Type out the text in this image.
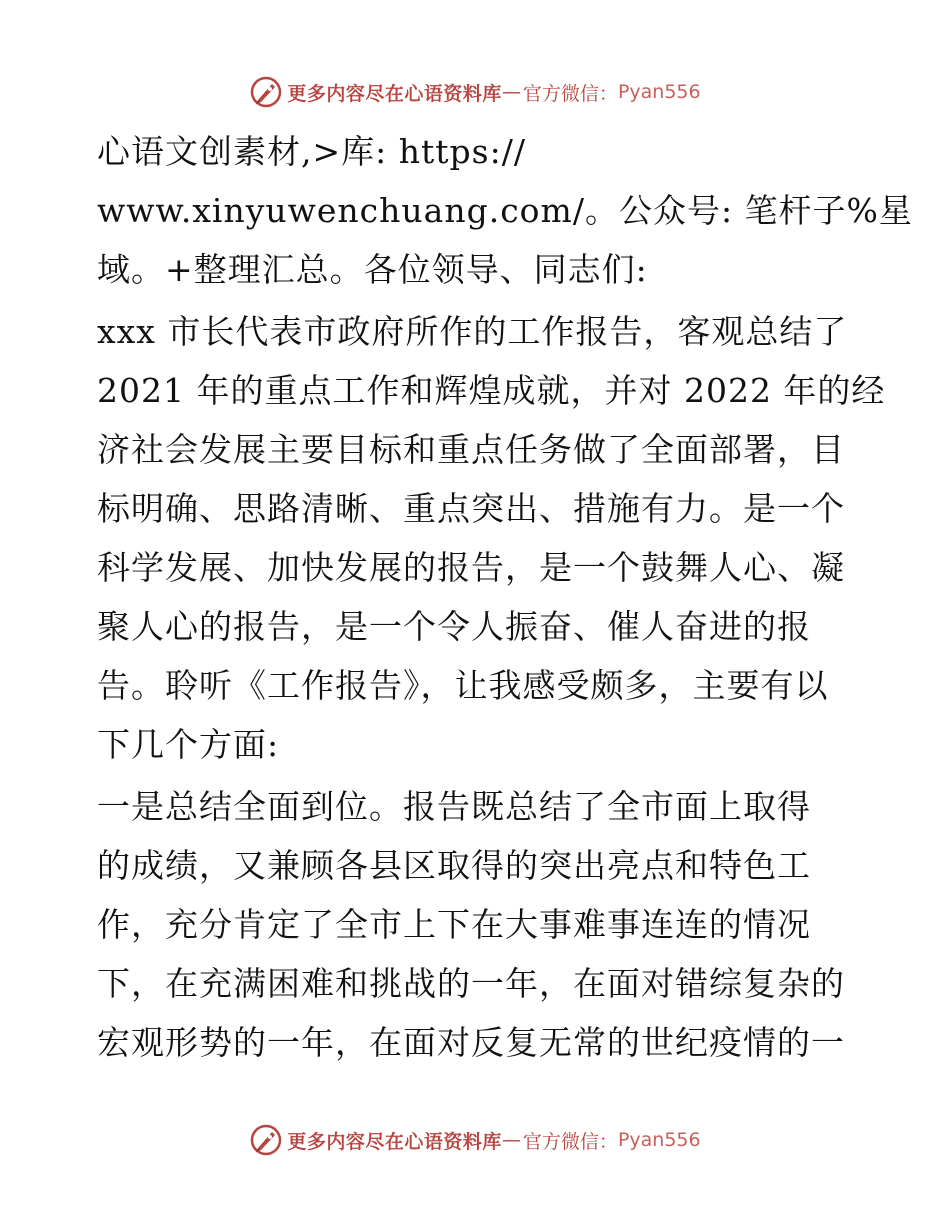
更多内容尽在心语资料库 — 官方微信： Pyan556
心语文创素材,>库: https://
www.xinyuwenchuang.com/。公众号: 笔杆子%星
域。+整理汇总。各位领导、同志们:
xxx 市长代表市政府所作的工作报告，客观总结了
2021 年的重点工作和辉煌成就，并对 2022 年的经
济社会发展主要目标和重点任务做了全面部署，目
标明确、思路清晰、重点突出、措施有力。是一个
科学发展、加快发展的报告，是一个鼓舞人心、凝
聚人心的报告，是一个令人振奋、催人奋进的报
告。聆听《工作报告》，让我感受颇多，主要有以
下几个方面:
一是总结全面到位。报告既总结了全市面上取得
的成绩，又兼顾各县区取得的突出亮点和特色工
作，充分肯定了全市上下在大事难事连连的情况
下，在充满困难和挑战的一年，在面对错综复杂的
宏观形势的一年，在面对反复无常的世纪疫情的一
更多内容尽在心语资料库 — 官方微信： Pyan556
